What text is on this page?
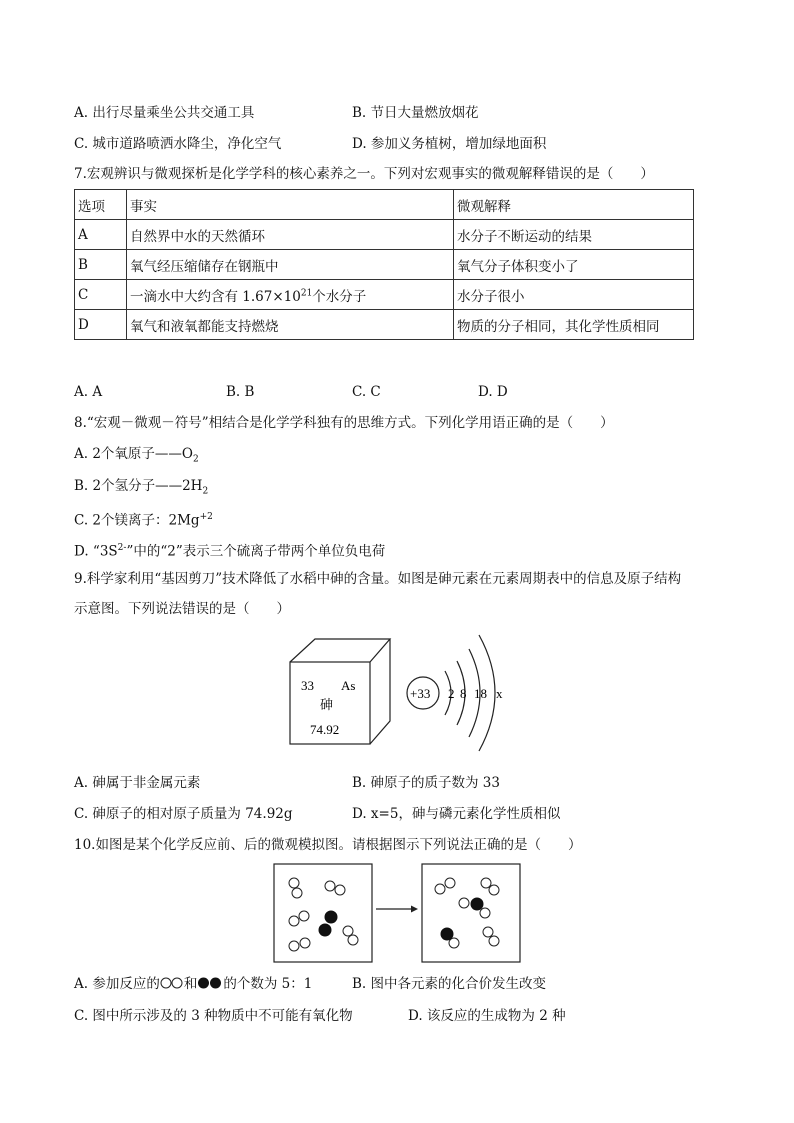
A. 出行尽量乘坐公共交通工具	B. 节日大量燃放烟花
C. 城市道路喷洒水降尘，净化空气	D. 参加义务植树，增加绿地面积
7.宏观辨识与微观探析是化学学科的核心素养之一。下列对宏观事实的微观解释错误的是（　　）
选项	事实	微观解释
A	自然界中水的天然循环	水分子不断运动的结果
B	氧气经压缩储存在钢瓶中	氧气分子体积变小了
C	一滴水中大约含有 $1.67\times 10^{21}$个水分子	水分子很小
D	氧气和液氧都能支持燃烧	物质的分子相同，其化学性质相同
A. A	B. B	C. C	D. D
8.“宏观－微观－符号”相结合是化学学科独有的思维方式。下列化学用语正确的是（　　）
A. 2个氧原子$——O_2$
B. 2个氢分子$——2H_2$
C. 2个镁离子：$2Mg^{+2}$
D. “$3S^{2-}$”中的“2”表示三个硫离子带两个单位负电荷
9.科学家利用“基因剪刀”技术降低了水稻中砷的含量。如图是砷元素在元素周期表中的信息及原子结构
示意图。下列说法错误的是（　　）
33 As
砷
74.92
+33 2 8 18 x
A. 砷属于非金属元素	B. 砷原子的质子数为 33
C. 砷原子的相对原子质量为 74.92g	D. x=5，砷与磷元素化学性质相似
10.如图是某个化学反应前、后的微观模拟图。请根据图示下列说法正确的是（　　）
A. 参加反应的 和 的个数为 5：1	B. 图中各元素的化合价发生改变
C. 图中所示涉及的 3 种物质中不可能有氧化物	D. 该反应的生成物为 2 种
